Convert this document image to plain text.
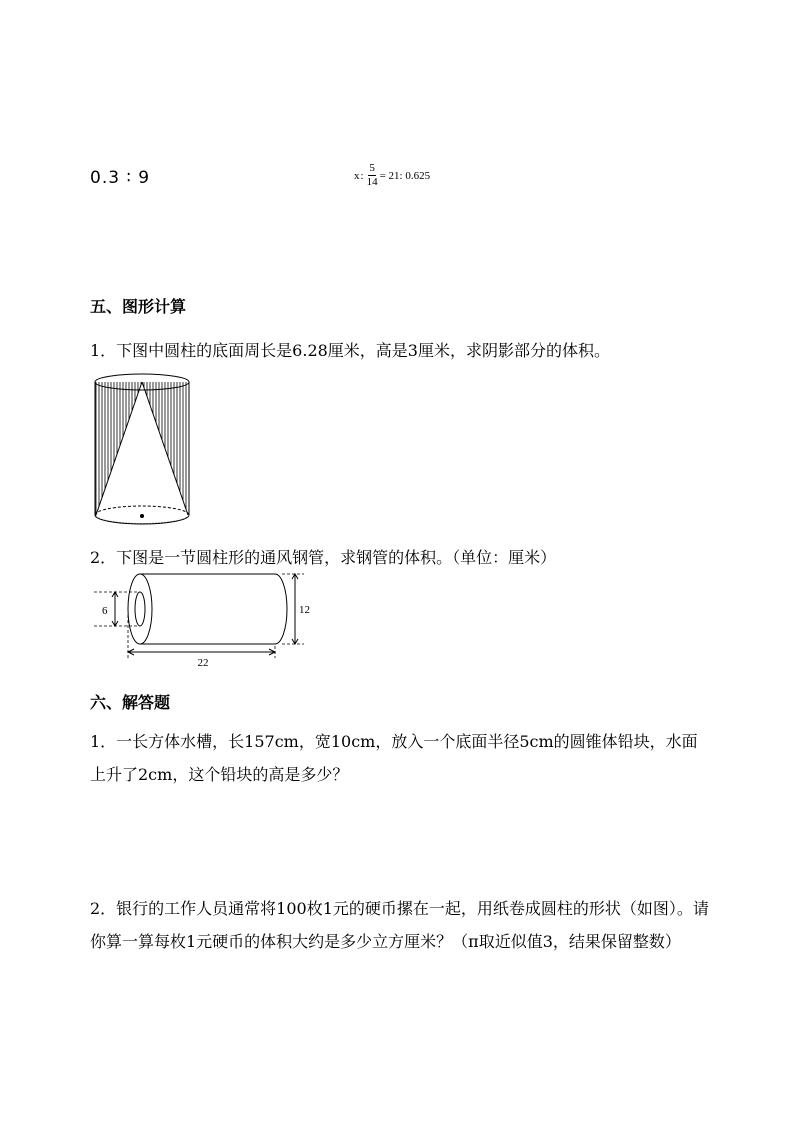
0.3 ∶ 9	x : $\frac{5}{14} = 21$: 0.625
五、图形计算
1．下图中圆柱的底面周长是6.28厘米，高是3厘米，求阴影部分的体积。
2．下图是一节圆柱形的通风钢管，求钢管的体积。（单位：厘米）
6	12
22
六、解答题
1．一长方体水槽，长157cm，宽10cm，放入一个底面半径5cm的圆锥体铅块，水面上升了2cm，这个铅块的高是多少？
2．银行的工作人员通常将100枚1元的硬币摞在一起，用纸卷成圆柱的形状（如图）。请你算一算每枚1元硬币的体积大约是多少立方厘米？（π取近似值3，结果保留整数）
